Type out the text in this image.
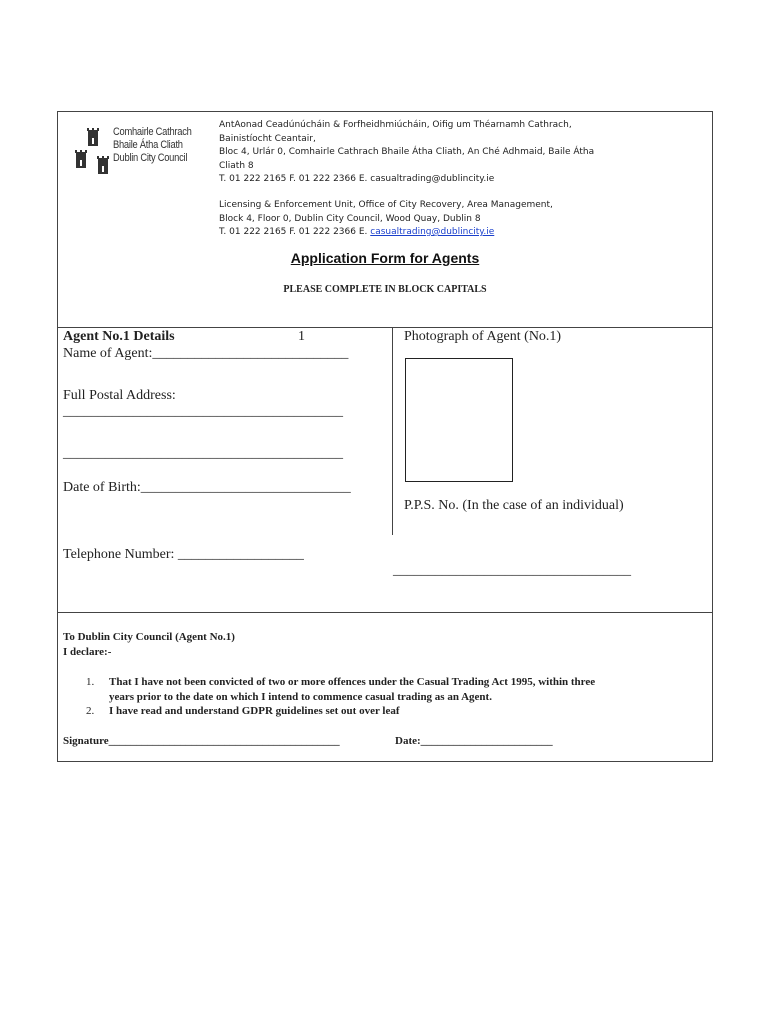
Comhairle Cathrach
Bhaile Átha Cliath
Dublin City Council
AntAonad Ceadúnúcháin & Forfheidhmiúcháin, Oifig um Théarnamh Cathrach,
Bainistíocht Ceantair,
Bloc 4, Urlár 0, Comhairle Cathrach Bhaile Átha Cliath, An Ché Adhmaid, Baile Átha
Cliath 8
T. 01 222 2165 F. 01 222 2366 E. casualtrading@dublincity.ie
Licensing & Enforcement Unit, Office of City Recovery, Area Management,
Block 4, Floor 0, Dublin City Council, Wood Quay, Dublin 8
T. 01 222 2165 F. 01 222 2366 E. casualtrading@dublincity.ie
Application Form for Agents
PLEASE COMPLETE IN BLOCK CAPITALS
Agent No.1 Details	1
Name of Agent:____________________________
Full Postal Address:
________________________________________
________________________________________
Date of Birth:______________________________
Telephone Number: __________________
Photograph of Agent (No.1)
P.P.S. No. (In the case of an individual)
__________________________________
To Dublin City Council (Agent No.1)
I declare:-
1. That I have not been convicted of two or more offences under the Casual Trading Act 1995, within three
years prior to the date on which I intend to commence casual trading as an Agent.
2. I have read and understand GDPR guidelines set out over leaf
Signature__________________________________________	Date:________________________
